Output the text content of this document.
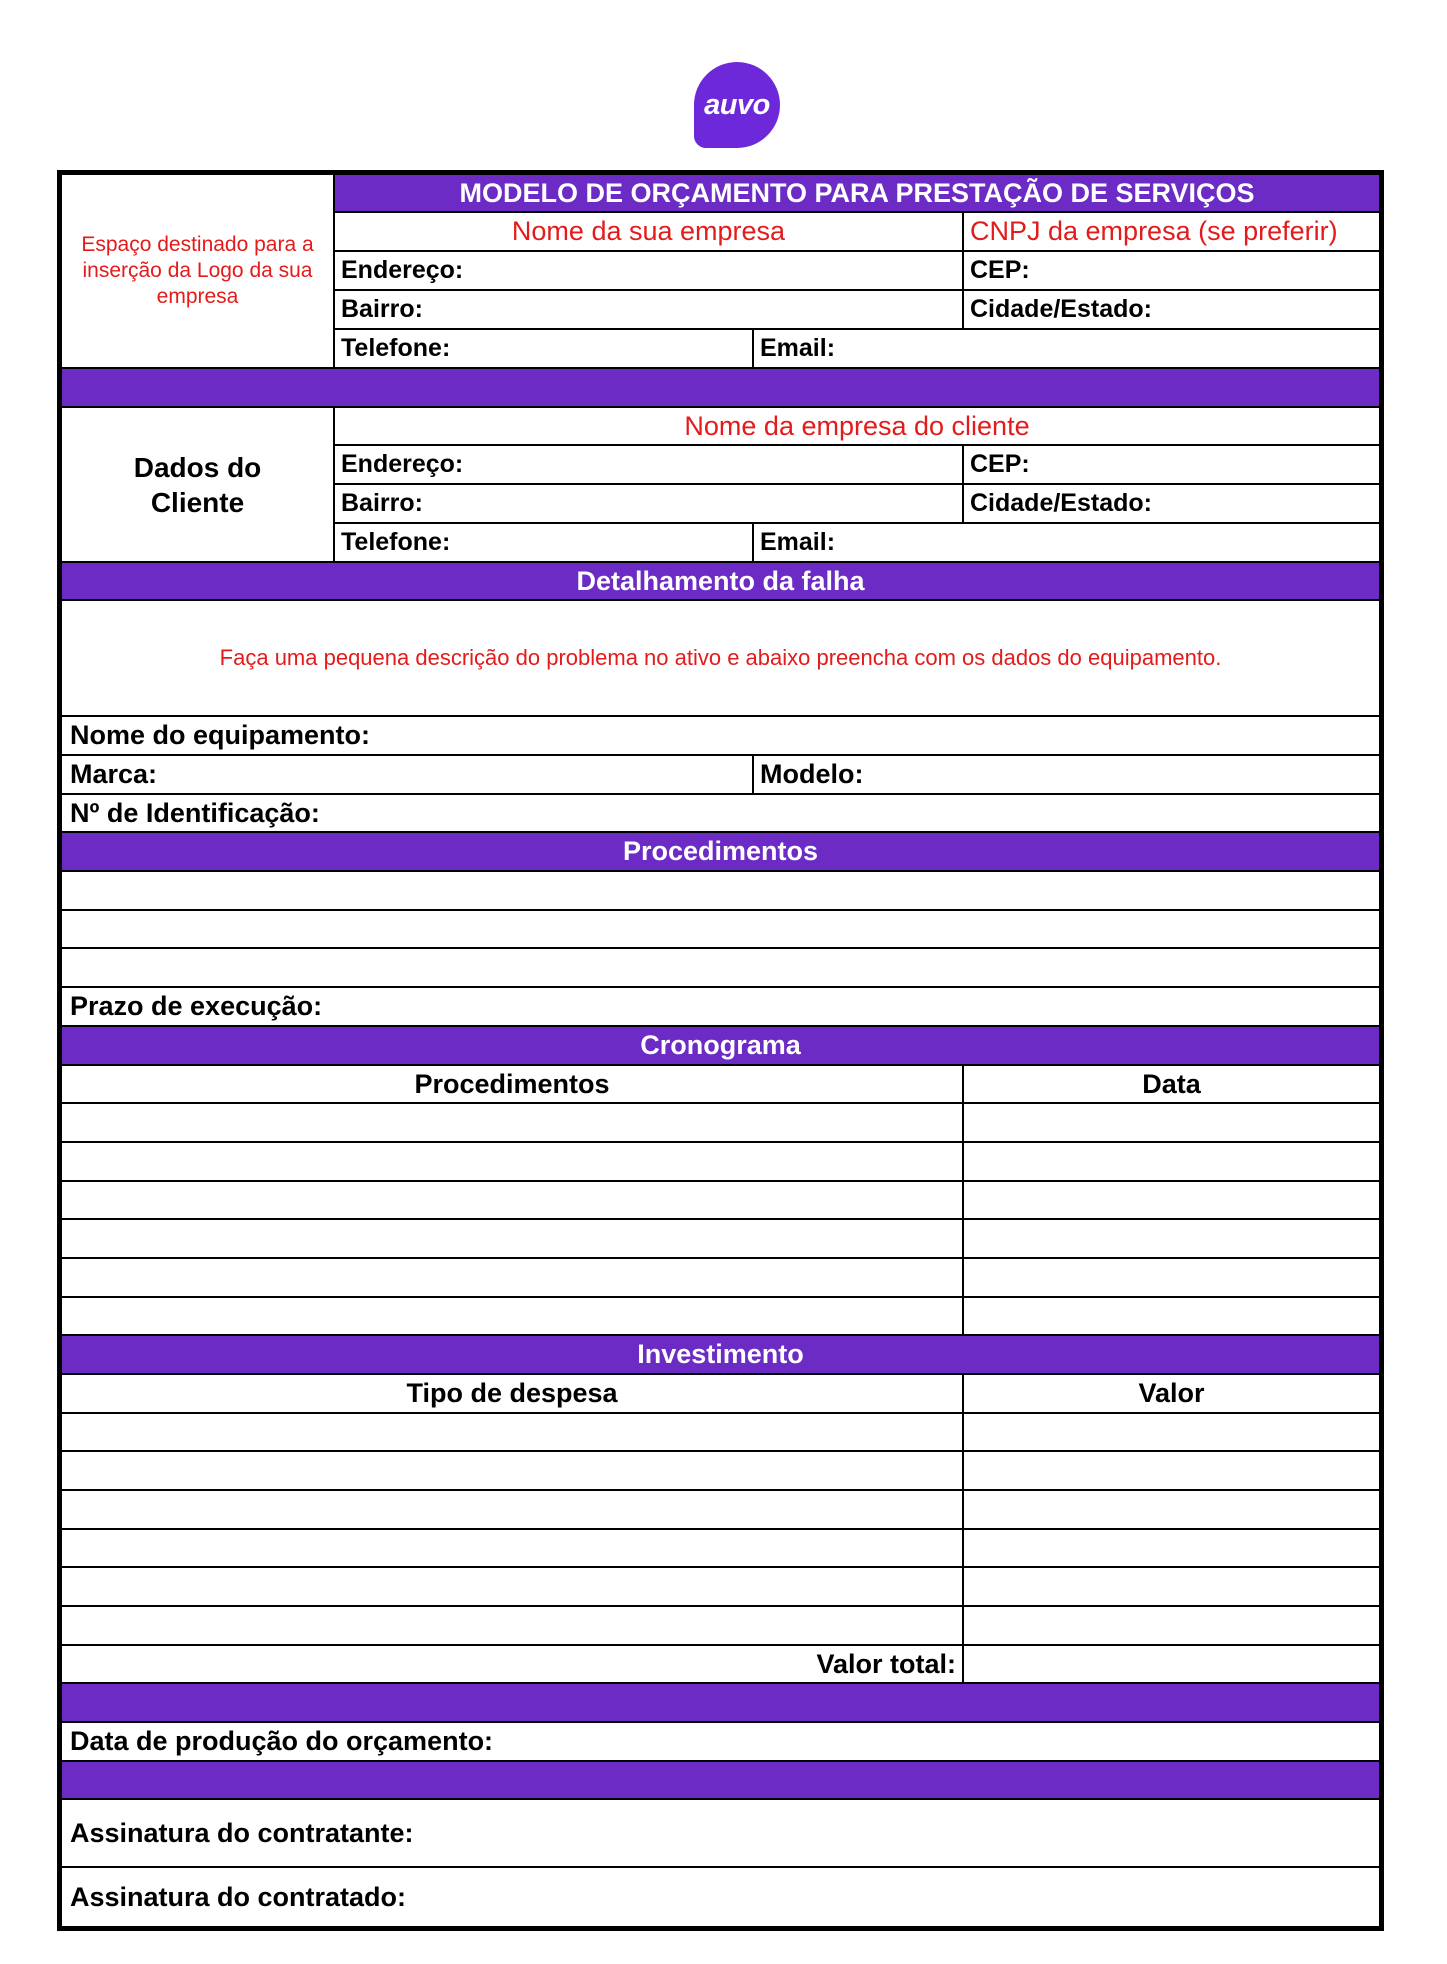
auvo
Espaço destinado para a inserção da Logo da sua empresa
MODELO DE ORÇAMENTO PARA PRESTAÇÃO DE SERVIÇOS
Nome da sua empresa	CNPJ da empresa (se preferir)
Endereço:	CEP:
Bairro:	Cidade/Estado:
Telefone:	Email:
Dados do Cliente
Nome da empresa do cliente
Endereço:	CEP:
Bairro:	Cidade/Estado:
Telefone:	Email:
Detalhamento da falha
Faça uma pequena descrição do problema no ativo e abaixo preencha com os dados do equipamento.
Nome do equipamento:
Marca:	Modelo:
Nº de Identificação:
Procedimentos
Prazo de execução:
Cronograma
Procedimentos	Data
Investimento
Tipo de despesa	Valor
Valor total:
Data de produção do orçamento:
Assinatura do contratante:
Assinatura do contratado:
